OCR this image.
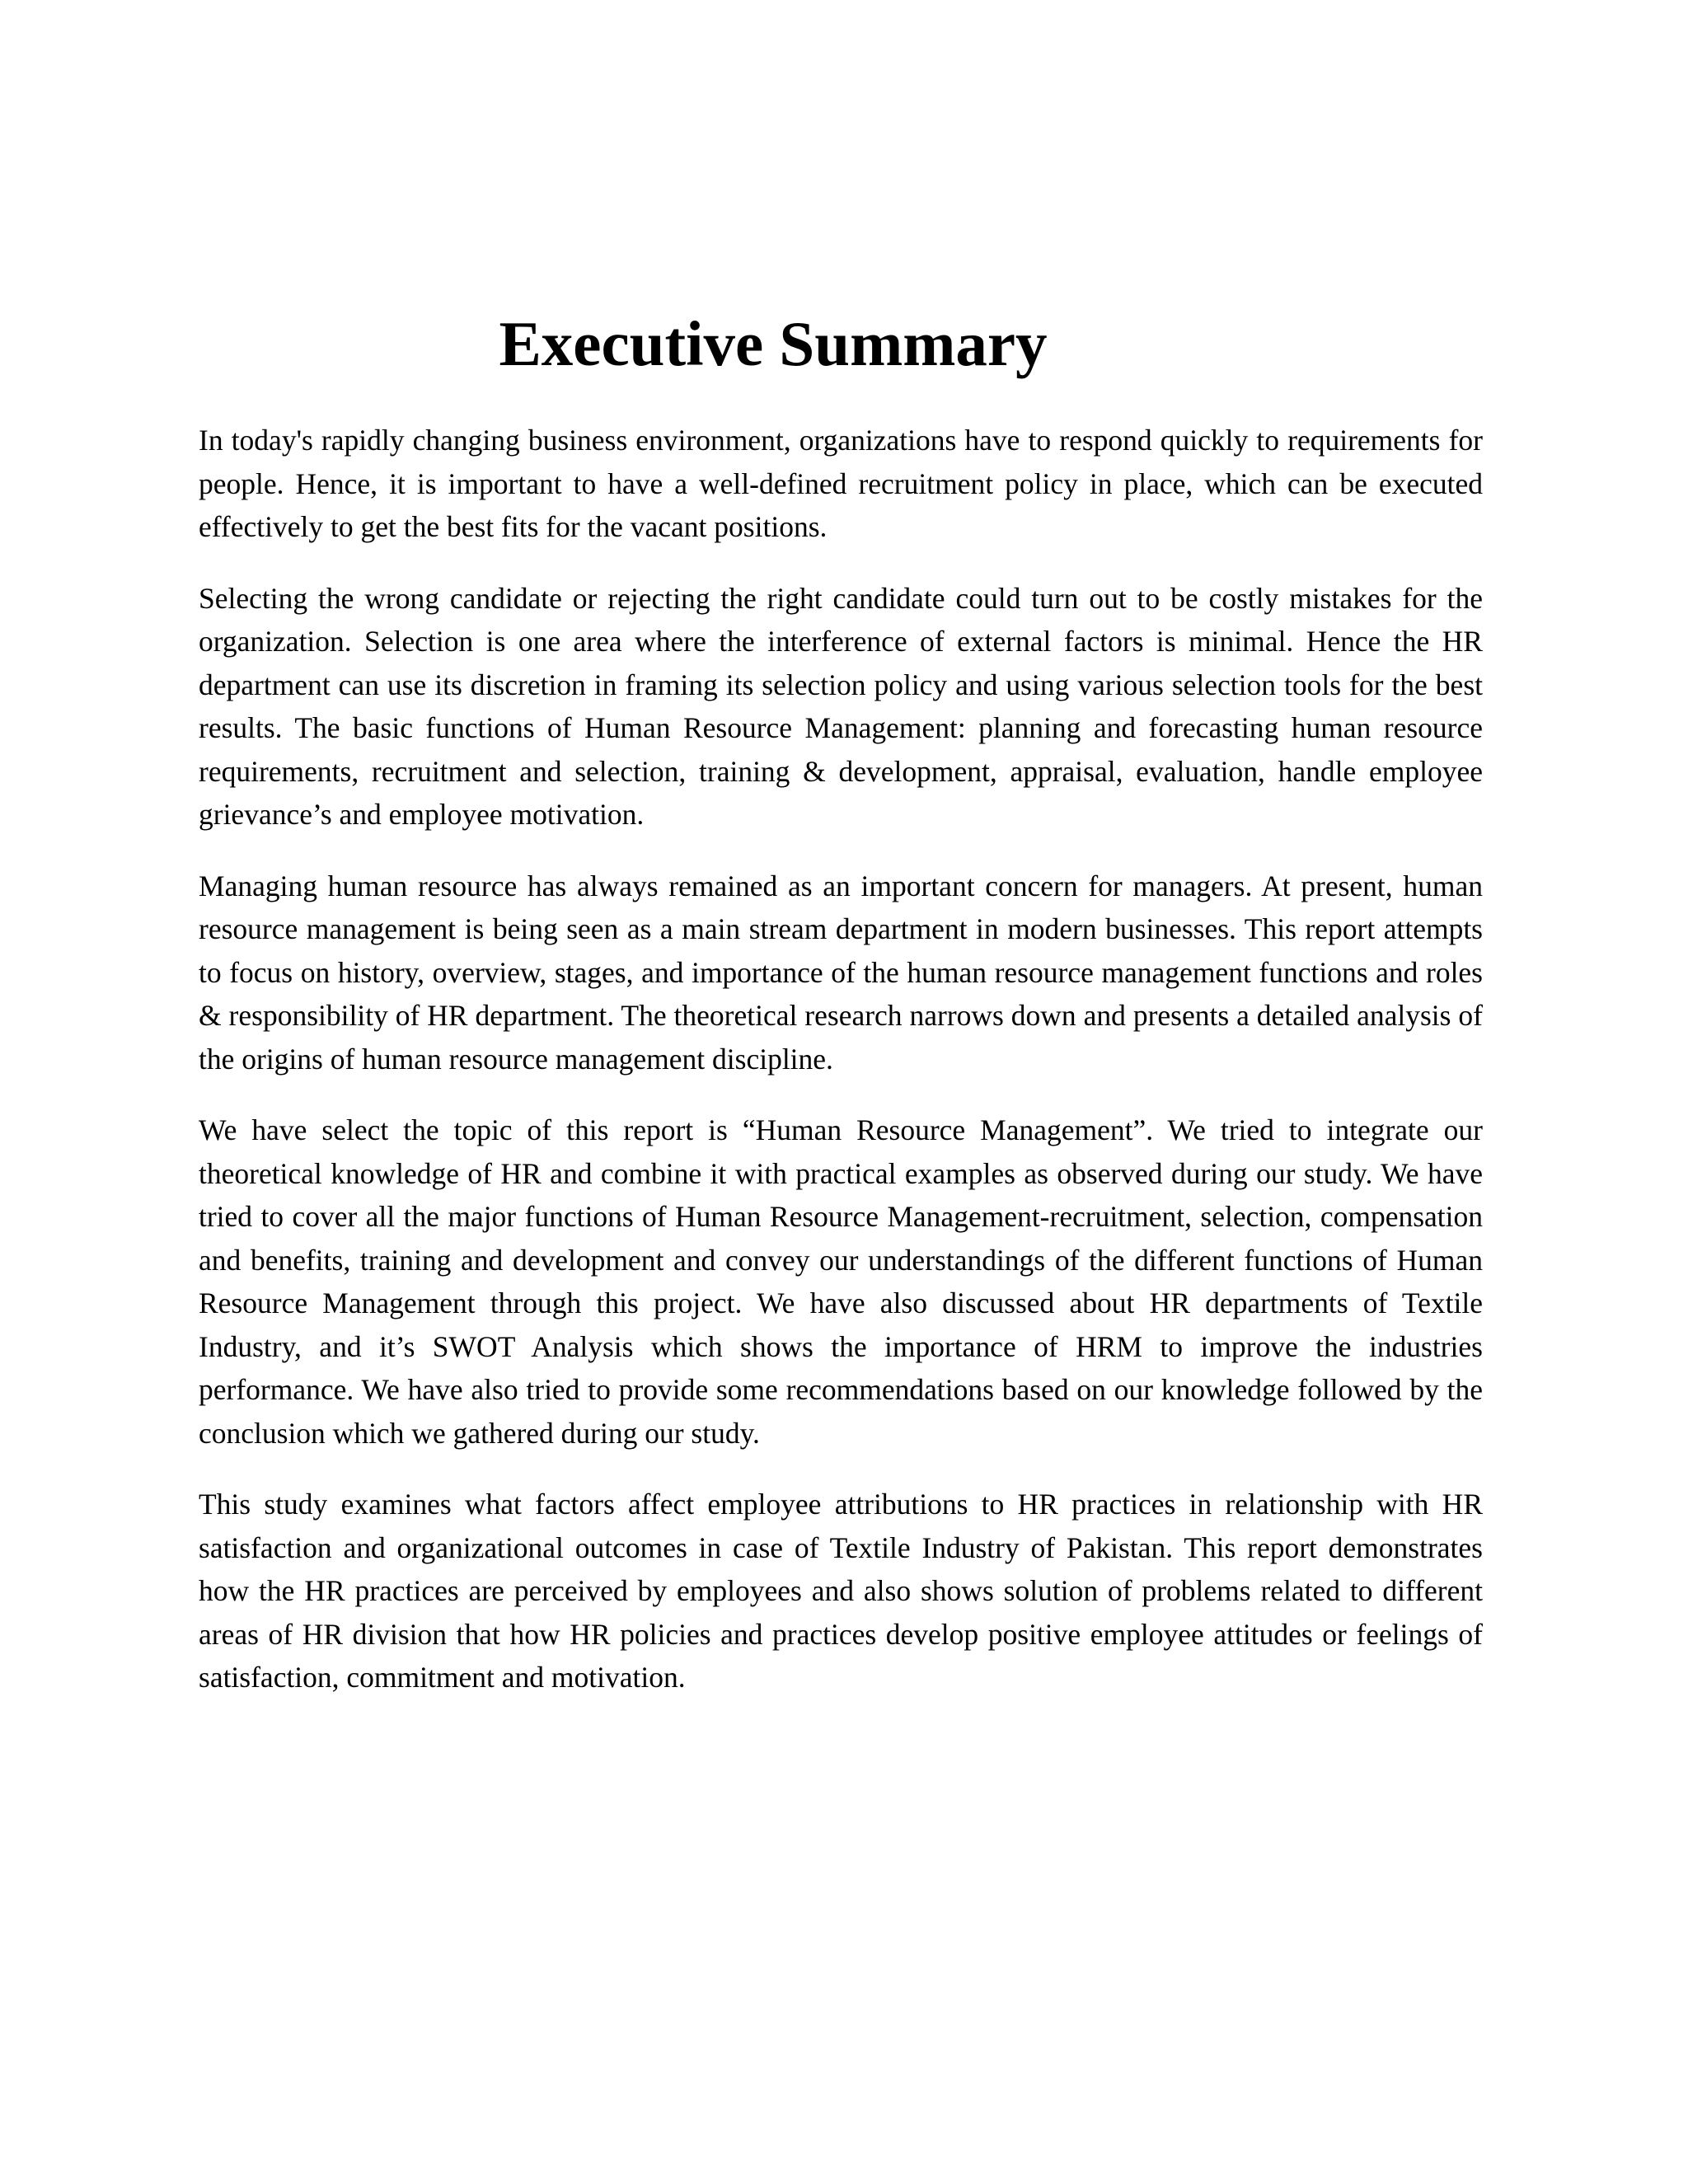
Executive Summary

In today's rapidly changing business environment, organizations have to respond quickly to requirements for people. Hence, it is important to have a well-defined recruitment policy in place, which can be executed effectively to get the best fits for the vacant positions.

Selecting the wrong candidate or rejecting the right candidate could turn out to be costly mistakes for the organization. Selection is one area where the interference of external factors is minimal. Hence the HR department can use its discretion in framing its selection policy and using various selection tools for the best results. The basic functions of Human Resource Management: planning and forecasting human resource requirements, recruitment and selection, training & development, appraisal, evaluation, handle employee grievance’s and employee motivation.

Managing human resource has always remained as an important concern for managers. At present, human resource management is being seen as a main stream department in modern businesses. This report attempts to focus on history, overview, stages, and importance of the human resource management functions and roles & responsibility of HR department. The theoretical research narrows down and presents a detailed analysis of the origins of human resource management discipline.

We have select the topic of this report is “Human Resource Management”. We tried to integrate our theoretical knowledge of HR and combine it with practical examples as observed during our study. We have tried to cover all the major functions of Human Resource Management-recruitment, selection, compensation and benefits, training and development and convey our understandings of the different functions of Human Resource Management through this project. We have also discussed about HR departments of Textile Industry, and it’s SWOT Analysis which shows the importance of HRM to improve the industries performance. We have also tried to provide some recommendations based on our knowledge followed by the conclusion which we gathered during our study.

This study examines what factors affect employee attributions to HR practices in relationship with HR satisfaction and organizational outcomes in case of Textile Industry of Pakistan. This report demonstrates how the HR practices are perceived by employees and also shows solution of problems related to different areas of HR division that how HR policies and practices develop positive employee attitudes or feelings of satisfaction, commitment and motivation.
